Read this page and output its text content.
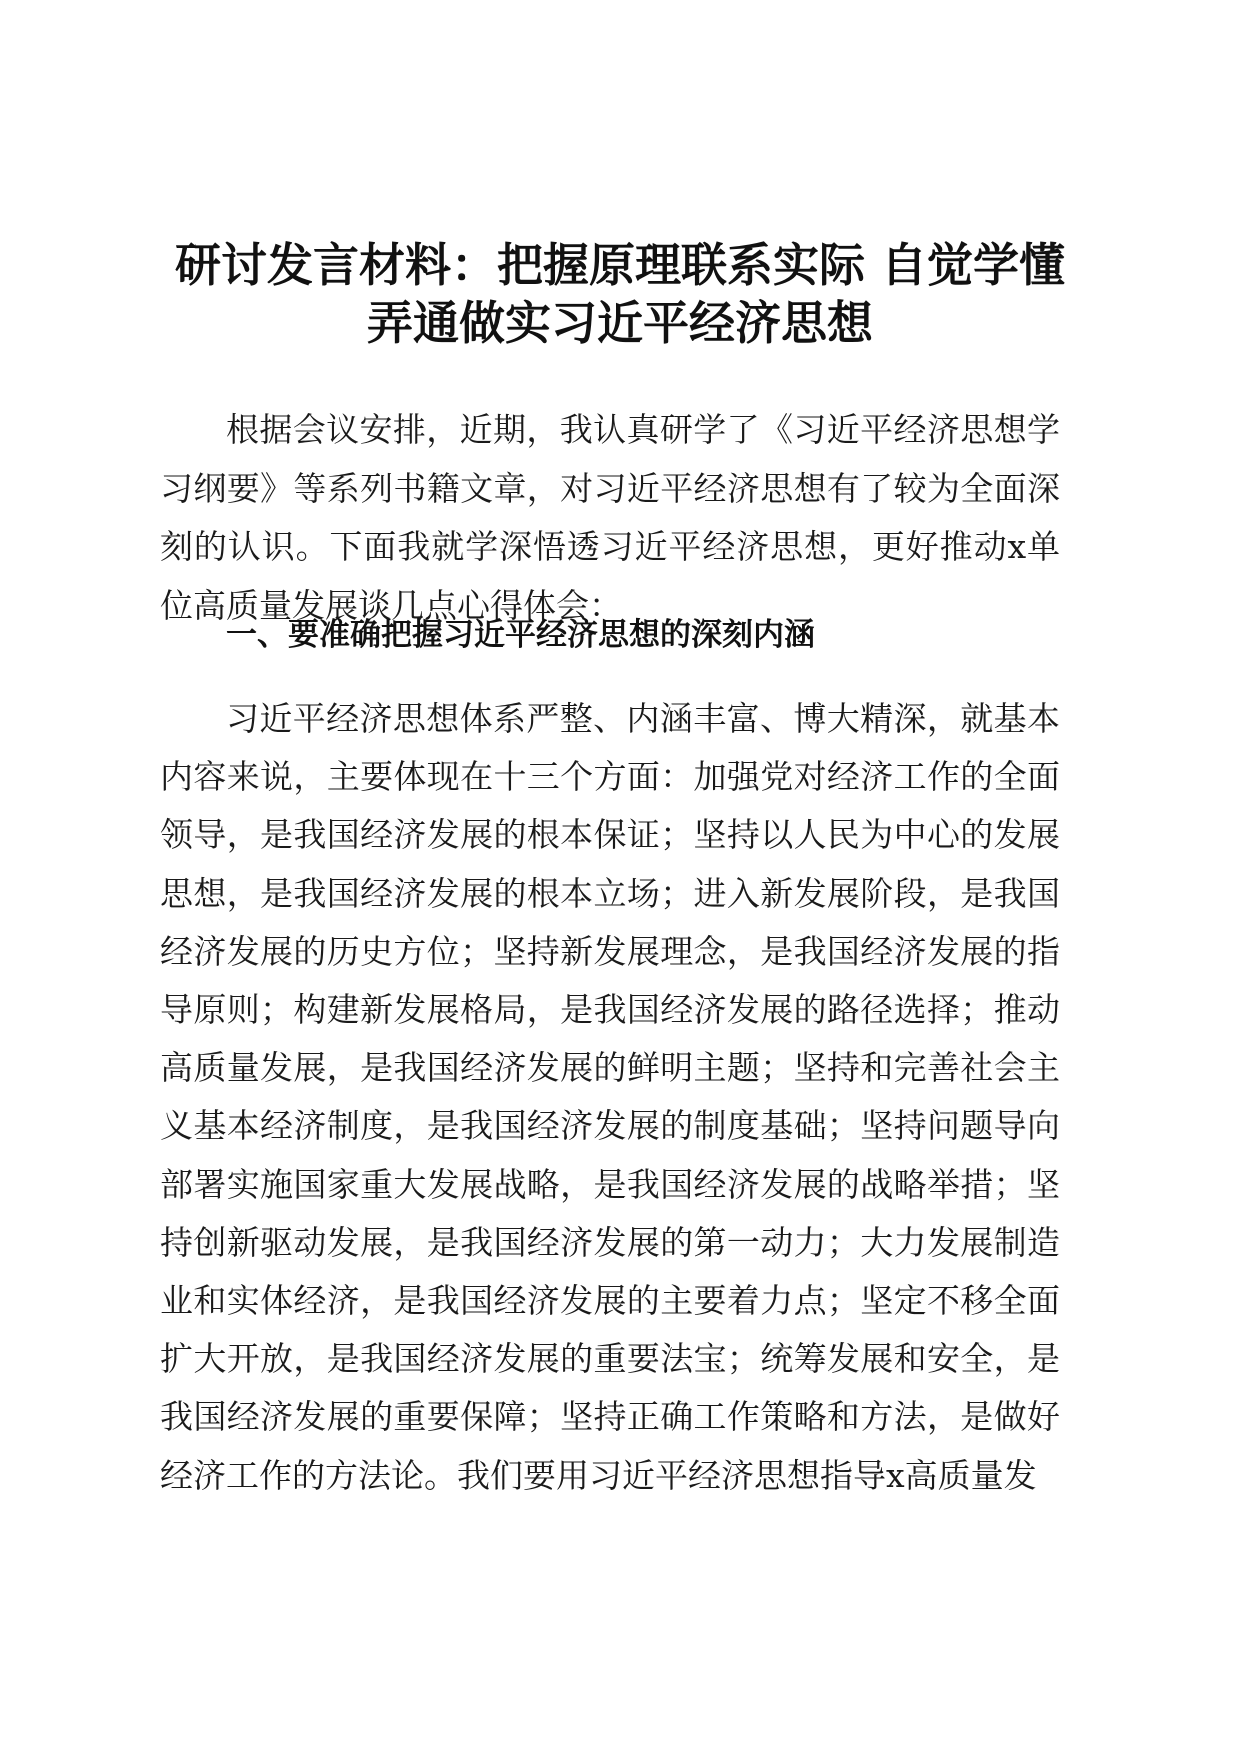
研讨发言材料：把握原理联系实际 自觉学懂
弄通做实习近平经济思想

根据会议安排，近期，我认真研学了《习近平经济思想学习纲要》等系列书籍文章，对习近平经济思想有了较为全面深刻的认识。下面我就学深悟透习近平经济思想，更好推动x单位高质量发展谈几点心得体会：

一、要准确把握习近平经济思想的深刻内涵

习近平经济思想体系严整、内涵丰富、博大精深，就基本内容来说，主要体现在十三个方面：加强党对经济工作的全面领导，是我国经济发展的根本保证；坚持以人民为中心的发展思想，是我国经济发展的根本立场；进入新发展阶段，是我国经济发展的历史方位；坚持新发展理念，是我国经济发展的指导原则；构建新发展格局，是我国经济发展的路径选择；推动高质量发展，是我国经济发展的鲜明主题；坚持和完善社会主义基本经济制度，是我国经济发展的制度基础；坚持问题导向部署实施国家重大发展战略，是我国经济发展的战略举措；坚持创新驱动发展，是我国经济发展的第一动力；大力发展制造业和实体经济，是我国经济发展的主要着力点；坚定不移全面扩大开放，是我国经济发展的重要法宝；统筹发展和安全，是我国经济发展的重要保障；坚持正确工作策略和方法，是做好经济工作的方法论。我们要用习近平经济思想指导x高质量发
